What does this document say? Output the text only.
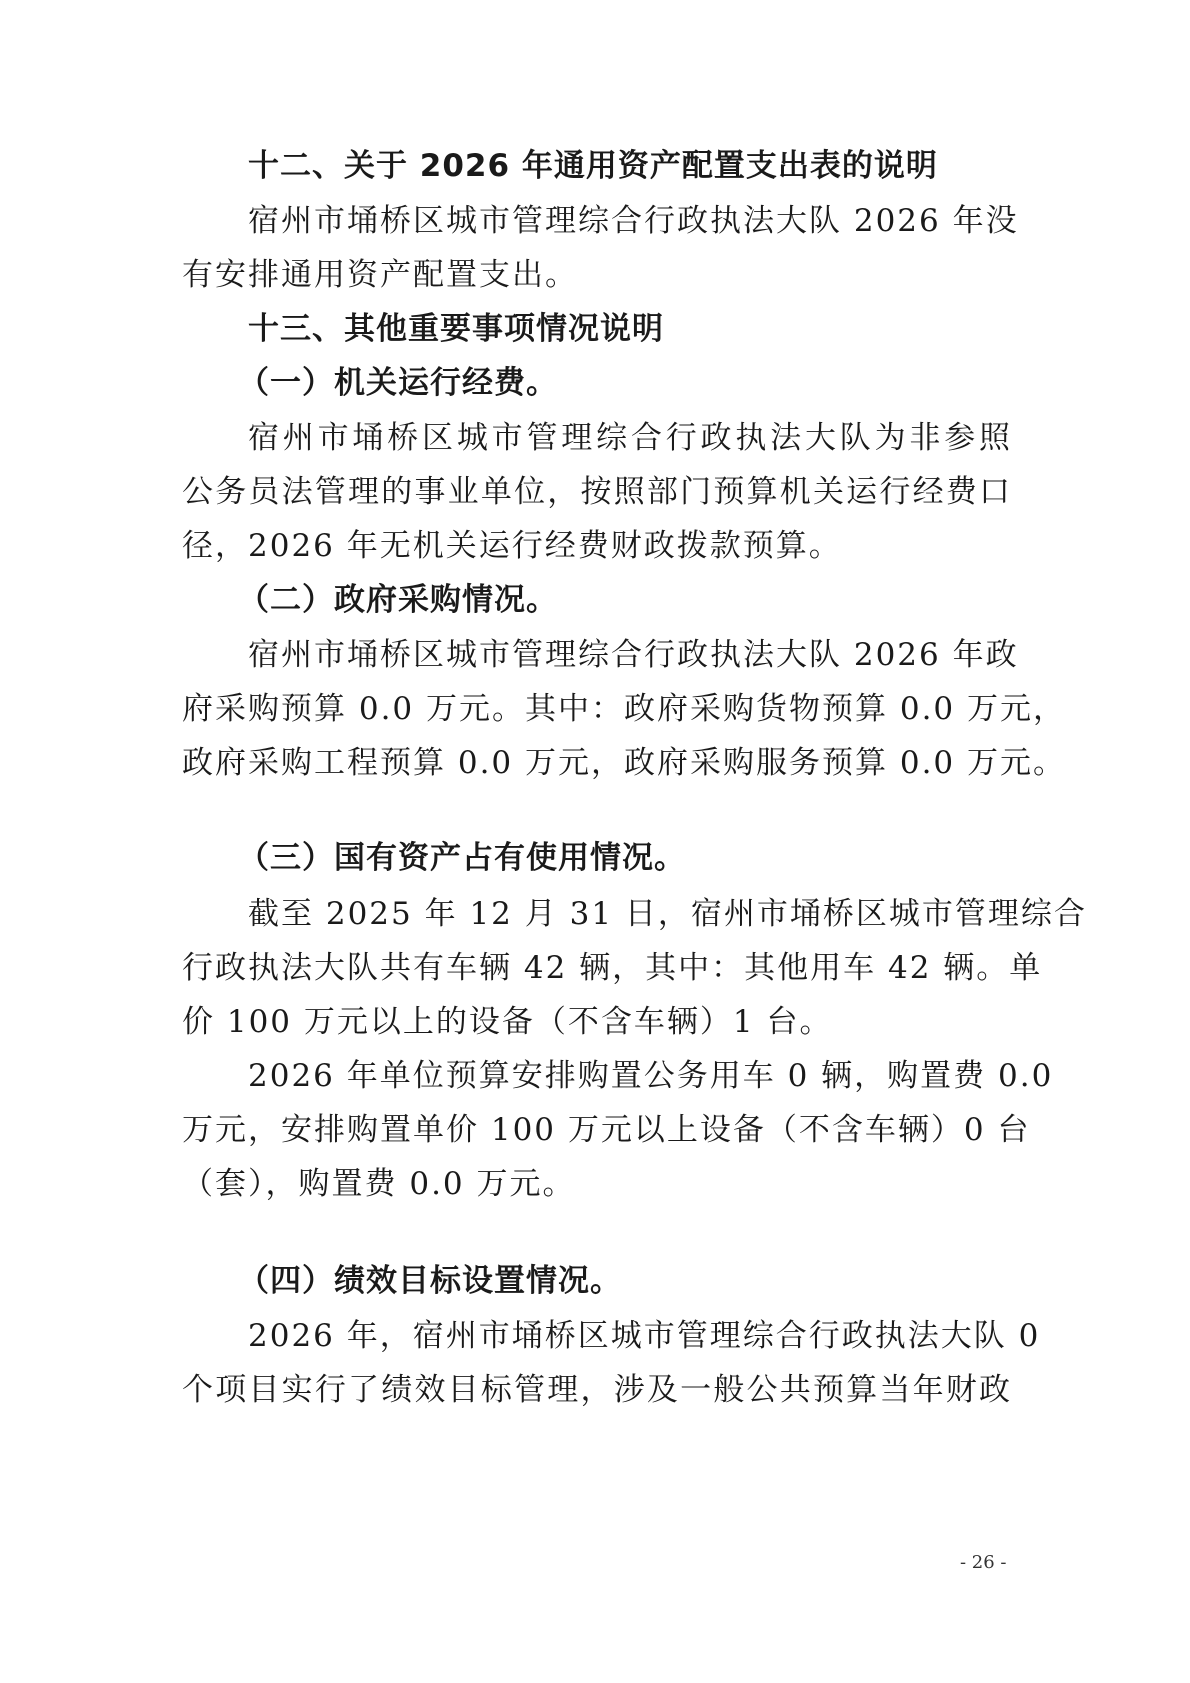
十二、关于 2026 年通用资产配置支出表的说明
宿州市埇桥区城市管理综合行政执法大队 2026 年没
有安排通用资产配置支出。
十三、其他重要事项情况说明
（一）机关运行经费。
宿州市埇桥区城市管理综合行政执法大队为非参照
公务员法管理的事业单位，按照部门预算机关运行经费口
径，2026 年无机关运行经费财政拨款预算。
（二）政府采购情况。
宿州市埇桥区城市管理综合行政执法大队 2026 年政
府采购预算 0.0 万元。其中：政府采购货物预算 0.0 万元，
政府采购工程预算 0.0 万元，政府采购服务预算 0.0 万元。
（三）国有资产占有使用情况。
截至 2025 年 12 月 31 日，宿州市埇桥区城市管理综合
行政执法大队共有车辆 42 辆，其中：其他用车 42 辆。单
价 100 万元以上的设备（不含车辆）1 台。
2026 年单位预算安排购置公务用车 0 辆，购置费 0.0
万元，安排购置单价 100 万元以上设备（不含车辆）0 台
（套），购置费 0.0 万元。
（四）绩效目标设置情况。
2026 年，宿州市埇桥区城市管理综合行政执法大队 0
个项目实行了绩效目标管理，涉及一般公共预算当年财政
- 26 -
